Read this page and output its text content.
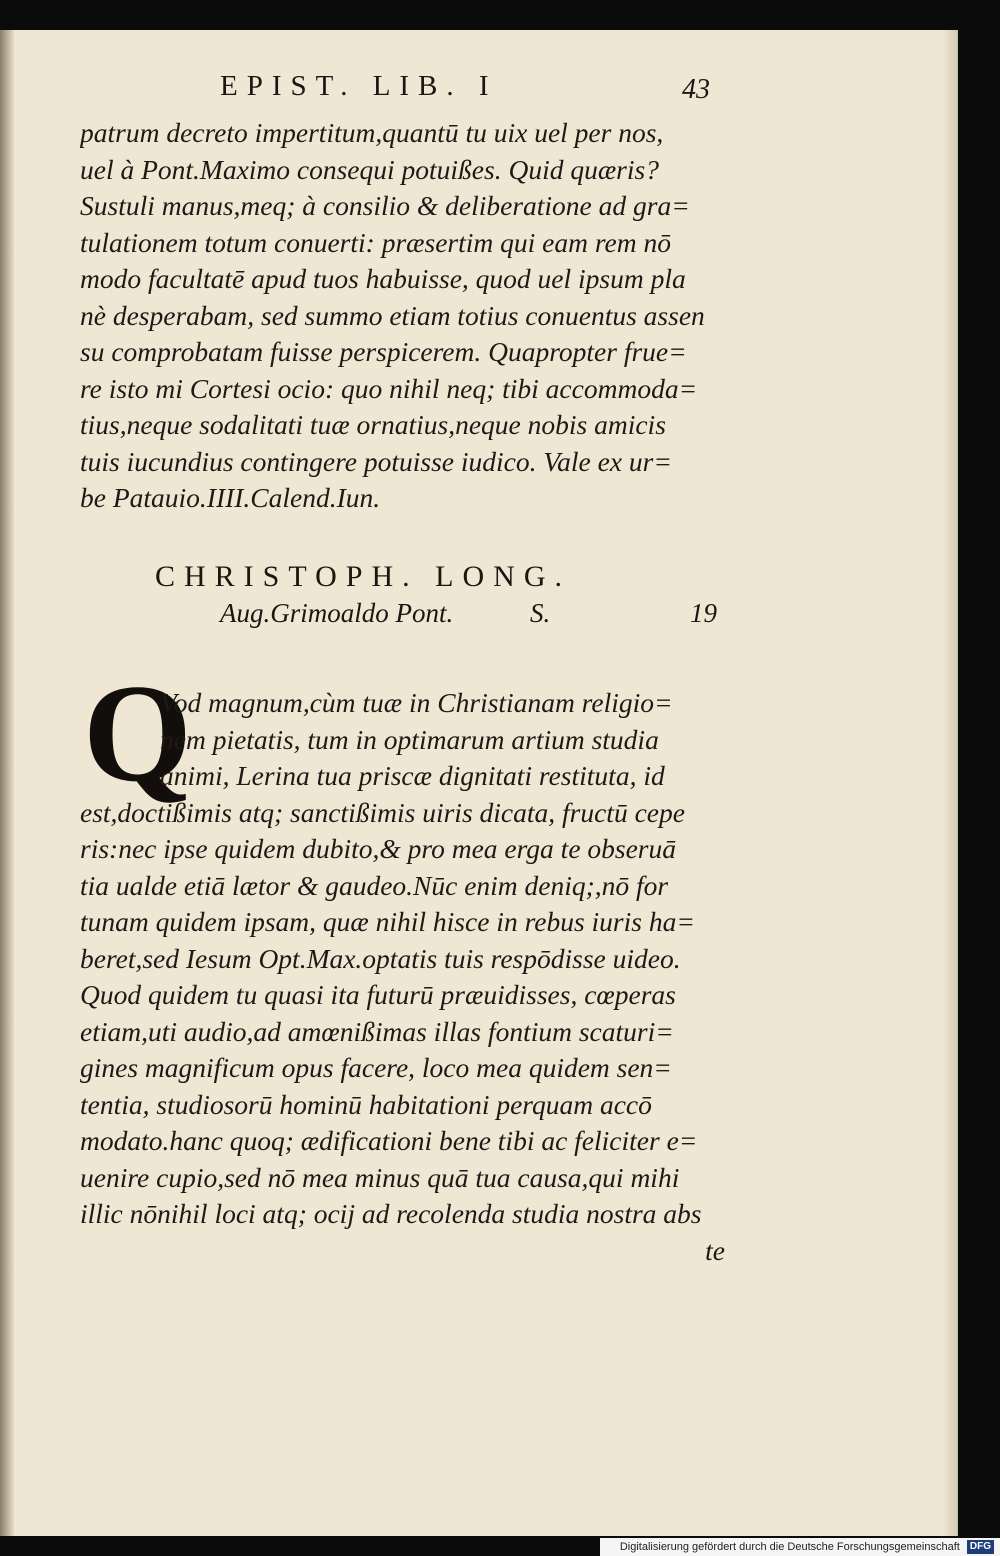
EPIST. LIB. I	43
patrum decreto impertitum,quantū tu uix uel per nos,
uel à Pont.Maximo consequi potuißes. Quid quæris?
Sustuli manus,meq; à consilio & deliberatione ad gra=
tulationem totum conuerti: præsertim qui eam rem nō
modo facultatē apud tuos habuisse, quod uel ipsum pla
nè desperabam, sed summo etiam totius conuentus assen
su comprobatam fuisse perspicerem. Quapropter frue=
re isto mi Cortesi ocio: quo nihil neq; tibi accommoda=
tius,neque sodalitati tuæ ornatius,neque nobis amicis
tuis iucundius contingere potuisse iudico. Vale ex ur=
be Patauio.IIII.Calend.Iun.
CHRISTOPH. LONG.
Aug.Grimoaldo Pont.	S.	19
Q
Vod magnum,cùm tuæ in Christianam religio=
nem pietatis, tum in optimarum artium studia
animi, Lerina tua priscæ dignitati restituta, id
est,doctißimis atq; sanctißimis uiris dicata, fructū cepe
ris:nec ipse quidem dubito,& pro mea erga te obseruā
tia ualde etiā lætor & gaudeo.Nūc enim deniq;,nō for
tunam quidem ipsam, quæ nihil hisce in rebus iuris ha=
beret,sed Iesum Opt.Max.optatis tuis respōdisse uideo.
Quod quidem tu quasi ita futurū præuidisses, cœperas
etiam,uti audio,ad amœnißimas illas fontium scaturi=
gines magnificum opus facere, loco mea quidem sen=
tentia, studiosorū hominū habitationi perquam accō
modato.hanc quoq; ædificationi bene tibi ac feliciter e=
uenire cupio,sed nō mea minus quā tua causa,qui mihi
illic nōnihil loci atq; ocij ad recolenda studia nostra abs
te
Digitalisierung gefördert durch die Deutsche Forschungsgemeinschaft DFG
